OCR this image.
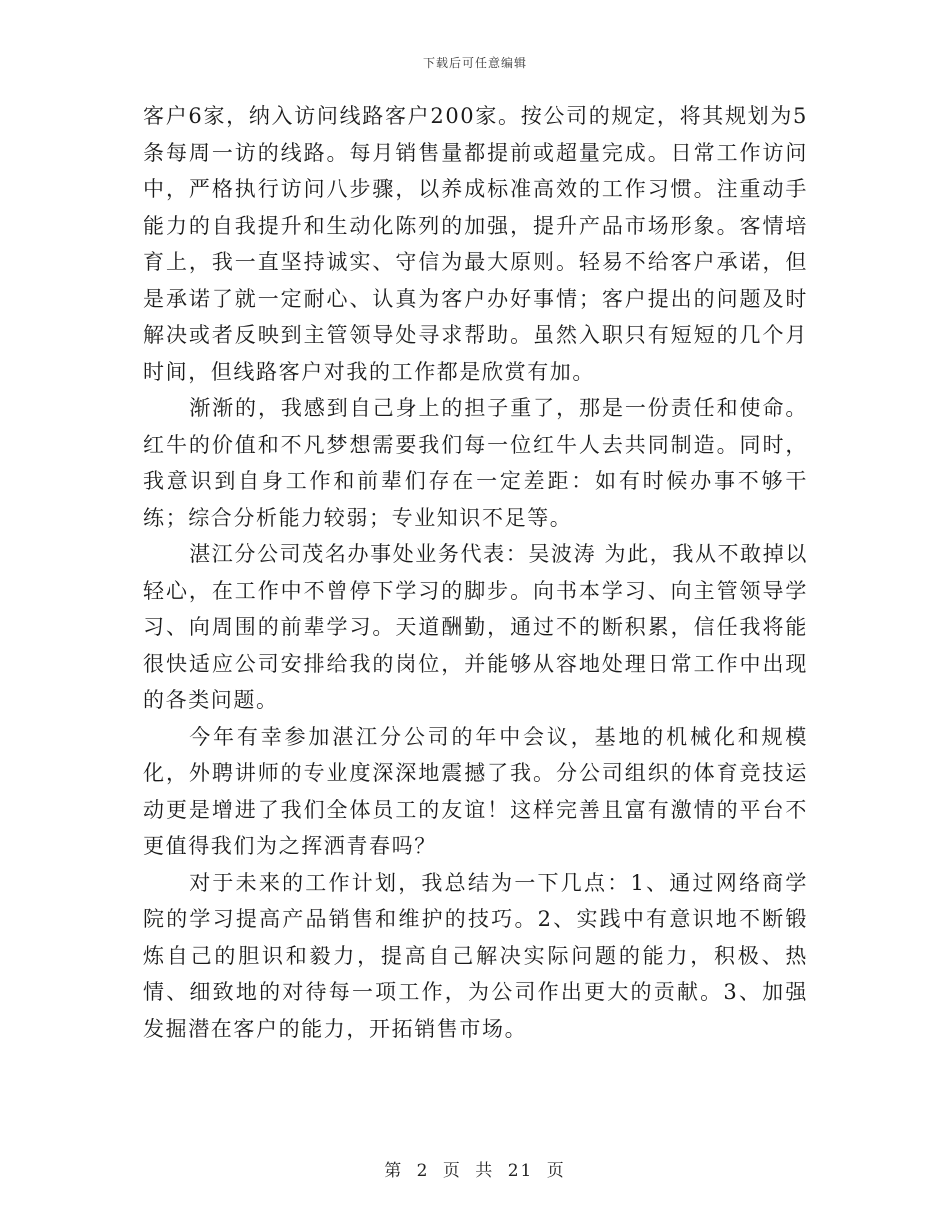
下载后可任意编辑

客户6家，纳入访问线路客户200家。按公司的规定，将其规划为5条每周一访的线路。每月销售量都提前或超量完成。日常工作访问中，严格执行访问八步骤，以养成标准高效的工作习惯。注重动手能力的自我提升和生动化陈列的加强，提升产品市场形象。客情培育上，我一直坚持诚实、守信为最大原则。轻易不给客户承诺，但是承诺了就一定耐心、认真为客户办好事情；客户提出的问题及时解决或者反映到主管领导处寻求帮助。虽然入职只有短短的几个月时间，但线路客户对我的工作都是欣赏有加。

渐渐的，我感到自己身上的担子重了，那是一份责任和使命。红牛的价值和不凡梦想需要我们每一位红牛人去共同制造。同时，我意识到自身工作和前辈们存在一定差距：如有时候办事不够干练；综合分析能力较弱；专业知识不足等。

湛江分公司茂名办事处业务代表：吴波涛 为此，我从不敢掉以轻心，在工作中不曾停下学习的脚步。向书本学习、向主管领导学习、向周围的前辈学习。天道酬勤，通过不的断积累，信任我将能很快适应公司安排给我的岗位，并能够从容地处理日常工作中出现的各类问题。

今年有幸参加湛江分公司的年中会议，基地的机械化和规模化，外聘讲师的专业度深深地震撼了我。分公司组织的体育竞技运动更是增进了我们全体员工的友谊！这样完善且富有激情的平台不更值得我们为之挥洒青春吗？

对于未来的工作计划，我总结为一下几点：1、通过网络商学院的学习提高产品销售和维护的技巧。2、实践中有意识地不断锻炼自己的胆识和毅力，提高自己解决实际问题的能力，积极、热情、细致地的对待每一项工作，为公司作出更大的贡献。3、加强发掘潜在客户的能力，开拓销售市场。

第 2 页 共 21 页
